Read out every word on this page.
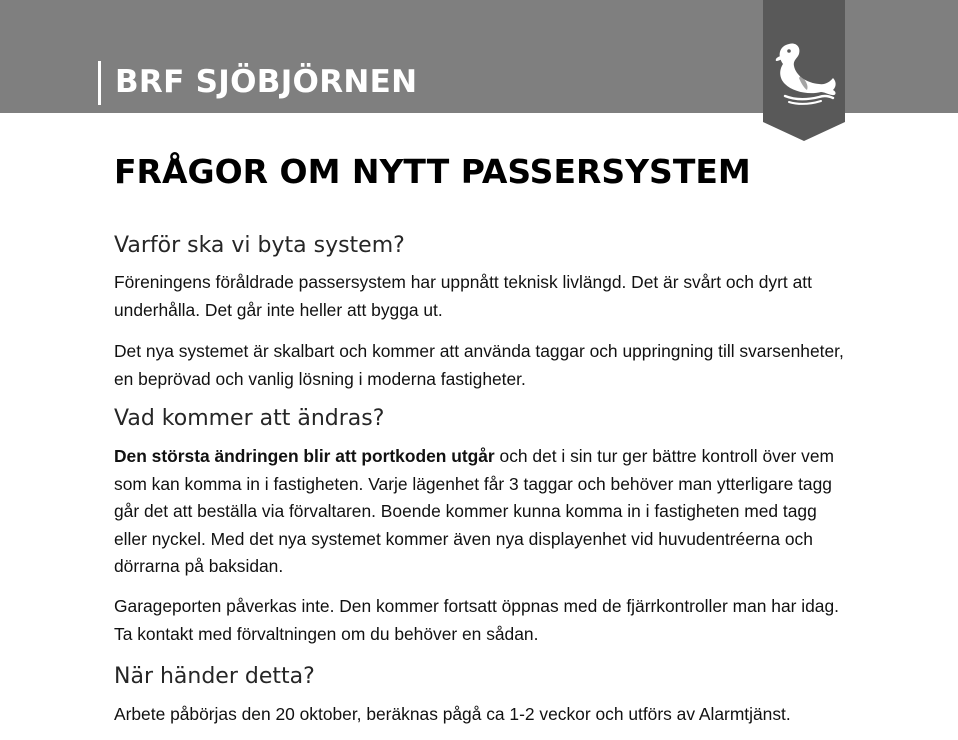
BRF SJÖBJÖRNEN
FRÅGOR OM NYTT PASSERSYSTEM
Varför ska vi byta system?

Föreningens föråldrade passersystem har uppnått teknisk livlängd. Det är svårt och dyrt att underhålla. Det går inte heller att bygga ut.

Det nya systemet är skalbart och kommer att använda taggar och uppringning till svarsenheter, en beprövad och vanlig lösning i moderna fastigheter.

Vad kommer att ändras?

Den största ändringen blir att portkoden utgår och det i sin tur ger bättre kontroll över vem som kan komma in i fastigheten. Varje lägenhet får 3 taggar och behöver man ytterligare tagg går det att beställa via förvaltaren. Boende kommer kunna komma in i fastigheten med tagg eller nyckel. Med det nya systemet kommer även nya displayenhet vid huvudentréerna och dörrarna på baksidan.

Garageporten påverkas inte. Den kommer fortsatt öppnas med de fjärrkontroller man har idag. Ta kontakt med förvaltningen om du behöver en sådan.

När händer detta?

Arbete påbörjas den 20 oktober, beräknas pågå ca 1-2 veckor och utförs av Alarmtjänst.
